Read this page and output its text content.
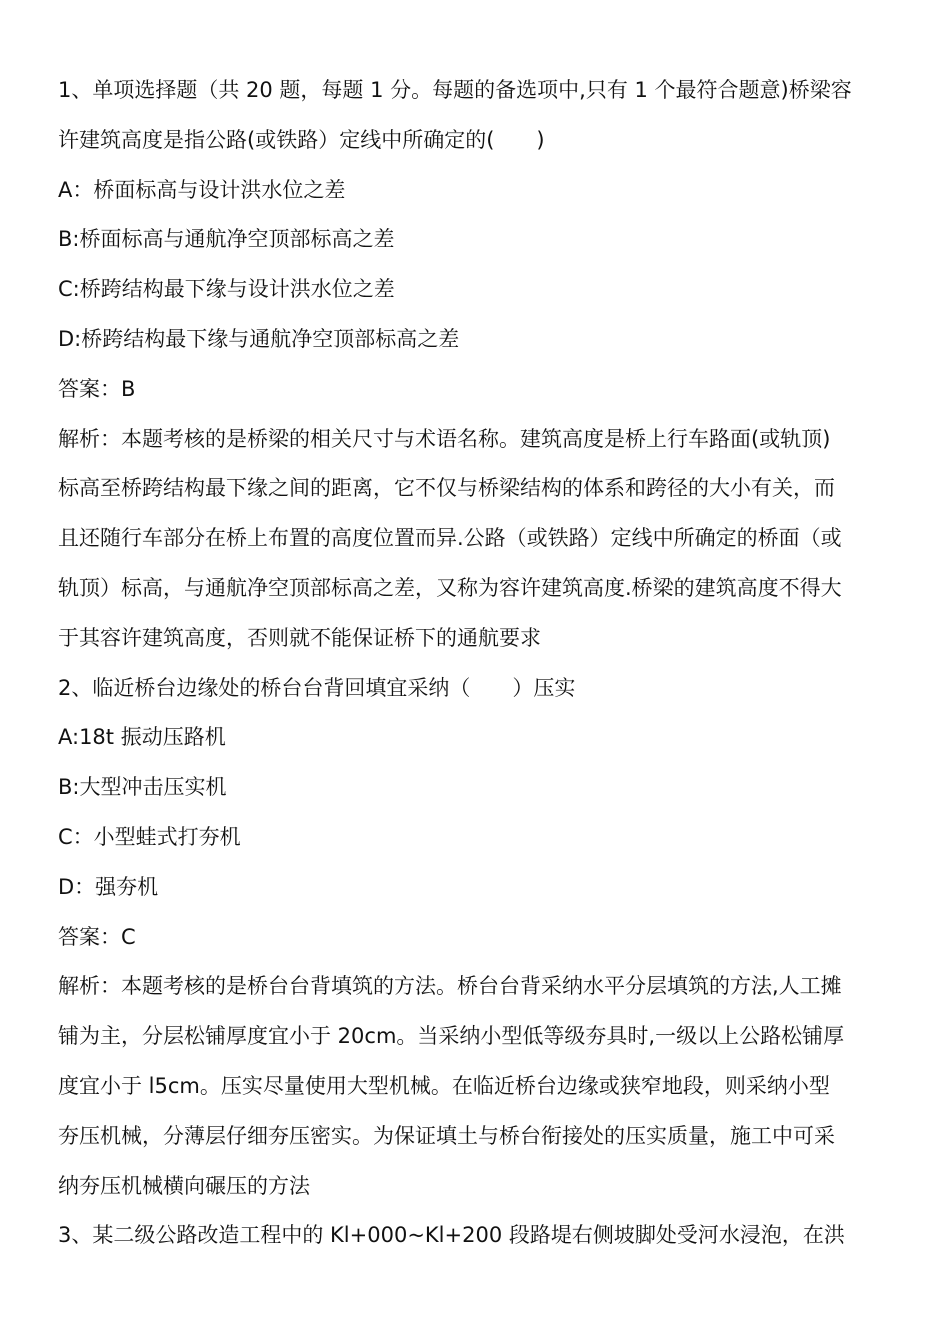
1、单项选择题（共 20 题，每题 1 分。每题的备选项中,只有 1 个最符合题意)桥梁容
许建筑高度是指公路(或铁路）定线中所确定的(　　)
A：桥面标高与设计洪水位之差
B:桥面标高与通航净空顶部标高之差
C:桥跨结构最下缘与设计洪水位之差
D:桥跨结构最下缘与通航净空顶部标高之差
答案：B
解析：本题考核的是桥梁的相关尺寸与术语名称。建筑高度是桥上行车路面(或轨顶)
标高至桥跨结构最下缘之间的距离，它不仅与桥梁结构的体系和跨径的大小有关，而
且还随行车部分在桥上布置的高度位置而异.公路（或铁路）定线中所确定的桥面（或
轨顶）标高，与通航净空顶部标高之差，又称为容许建筑高度.桥梁的建筑高度不得大
于其容许建筑高度，否则就不能保证桥下的通航要求
2、临近桥台边缘处的桥台台背回填宜采纳（　　）压实
A:18t 振动压路机
B:大型冲击压实机
C：小型蛙式打夯机
D：强夯机
答案：C
解析：本题考核的是桥台台背填筑的方法。桥台台背采纳水平分层填筑的方法,人工摊
铺为主，分层松铺厚度宜小于 20cm。当采纳小型低等级夯具时,一级以上公路松铺厚
度宜小于 l5cm。压实尽量使用大型机械。在临近桥台边缘或狭窄地段，则采纳小型
夯压机械，分薄层仔细夯压密实。为保证填土与桥台衔接处的压实质量，施工中可采
纳夯压机械横向碾压的方法
3、某二级公路改造工程中的 Kl+000~Kl+200 段路堤右侧坡脚处受河水浸泡，在洪
